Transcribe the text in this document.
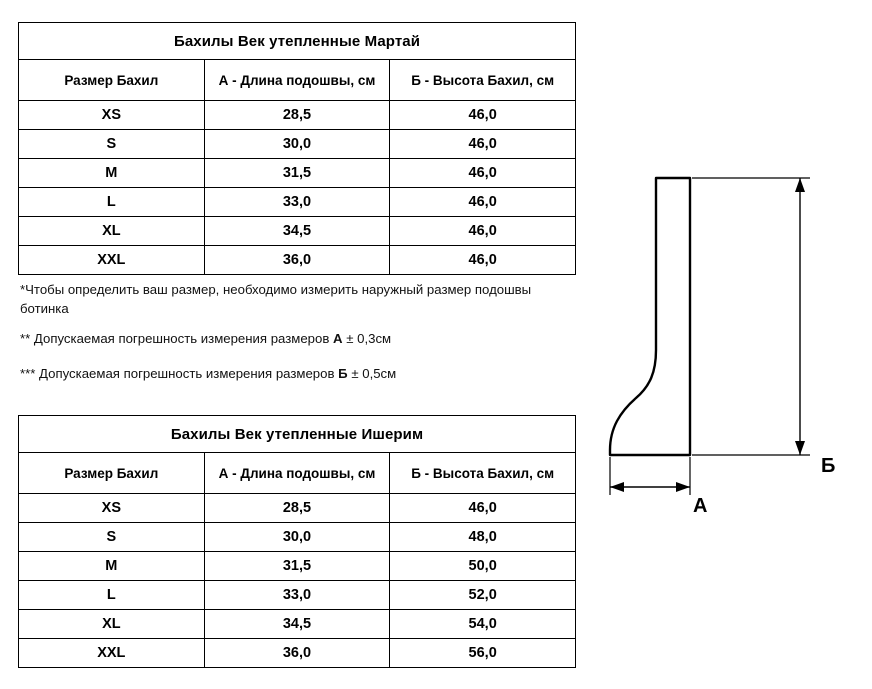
Бахилы Век утепленные Мартай		
Размер Бахил	А - Длина подошвы, см	Б - Высота Бахил, см
XS	28,5	46,0
S	30,0	46,0
M	31,5	46,0
L	33,0	46,0
XL	34,5	46,0
XXL	36,0	46,0
*Чтобы определить ваш размер, необходимо измерить наружный размер подошвы ботинка
** Допускаемая погрешность измерения размеров А ± 0,3см
*** Допускаемая погрешность измерения размеров Б ± 0,5см
Бахилы Век утепленные Ишерим		
Размер Бахил	А - Длина подошвы, см	Б - Высота Бахил, см
XS	28,5	46,0
S	30,0	48,0
M	31,5	50,0
L	33,0	52,0
XL	34,5	54,0
XXL	36,0	56,0
Б
А
